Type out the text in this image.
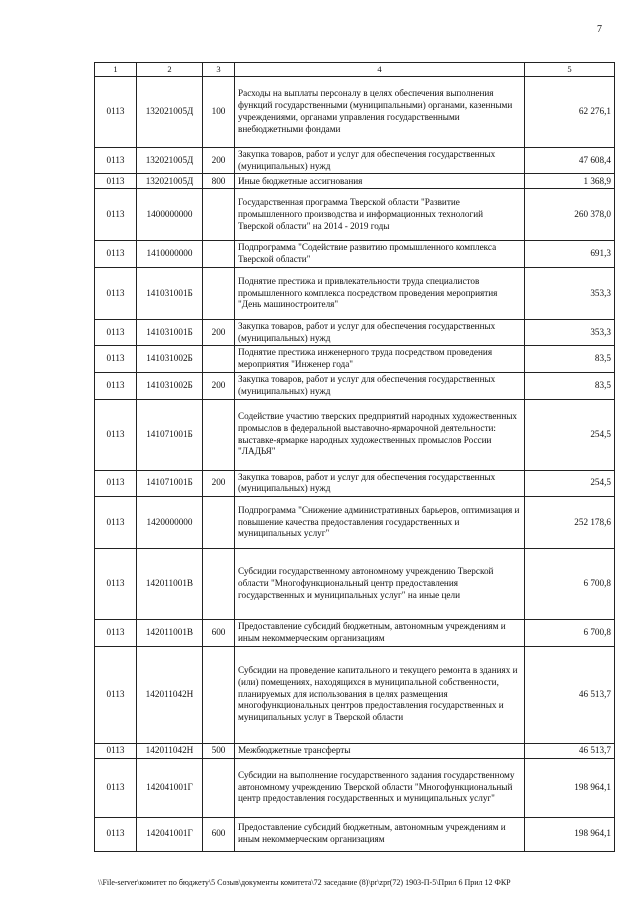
7
1	2	3	4	5
0113	132021005Д	100	Расходы на выплаты персоналу в целях обеспечения выполнения функций государственными (муниципальными) органами, казенными учреждениями, органами управления государственными внебюджетными фондами	62 276,1
0113	132021005Д	200	Закупка товаров, работ и услуг для обеспечения государственных (муниципальных) нужд	47 608,4
0113	132021005Д	800	Иные бюджетные ассигнования	1 368,9
0113	1400000000		Государственная программа Тверской области "Развитие промышленного производства и информационных технологий Тверской области" на 2014 - 2019 годы	260 378,0
0113	1410000000		Подпрограмма "Содействие развитию промышленного комплекса Тверской области"	691,3
0113	141031001Б		Поднятие престижа и привлекательности труда специалистов промышленного комплекса посредством проведения мероприятия "День машиностроителя"	353,3
0113	141031001Б	200	Закупка товаров, работ и услуг для обеспечения государственных (муниципальных) нужд	353,3
0113	141031002Б		Поднятие престижа инженерного труда посредством проведения мероприятия "Инженер года"	83,5
0113	141031002Б	200	Закупка товаров, работ и услуг для обеспечения государственных (муниципальных) нужд	83,5
0113	141071001Б		Содействие участию тверских предприятий народных художественных промыслов в федеральной выставочно-ярмарочной деятельности: выставке-ярмарке народных художественных промыслов России "ЛАДЬЯ"	254,5
0113	141071001Б	200	Закупка товаров, работ и услуг для обеспечения государственных (муниципальных) нужд	254,5
0113	1420000000		Подпрограмма "Снижение административных барьеров, оптимизация и повышение качества предоставления государственных и муниципальных услуг"	252 178,6
0113	142011001В		Субсидии государственному автономному учреждению Тверской области "Многофункциональный центр предоставления государственных и муниципальных услуг" на иные цели	6 700,8
0113	142011001В	600	Предоставление субсидий бюджетным, автономным учреждениям и иным некоммерческим организациям	6 700,8
0113	142011042Н		Субсидии на проведение капитального и текущего ремонта в зданиях и (или) помещениях, находящихся в муниципальной собственности, планируемых для использования в целях размещения многофункциональных центров предоставления государственных и муниципальных услуг в Тверской области	46 513,7
0113	142011042Н	500	Межбюджетные трансферты	46 513,7
0113	142041001Г		Субсидии на выполнение государственного задания государственному автономному учреждению Тверской области "Многофункциональный центр предоставления государственных и муниципальных услуг"	198 964,1
0113	142041001Г	600	Предоставление субсидий бюджетным, автономным учреждениям и иным некоммерческим организациям	198 964,1
\\File-server\комитет по бюджету\5 Созыв\документы комитета\72 заседание (8)\pr\zpr(72) 1903-П-5\Прил 6 Прил 12 ФКР
